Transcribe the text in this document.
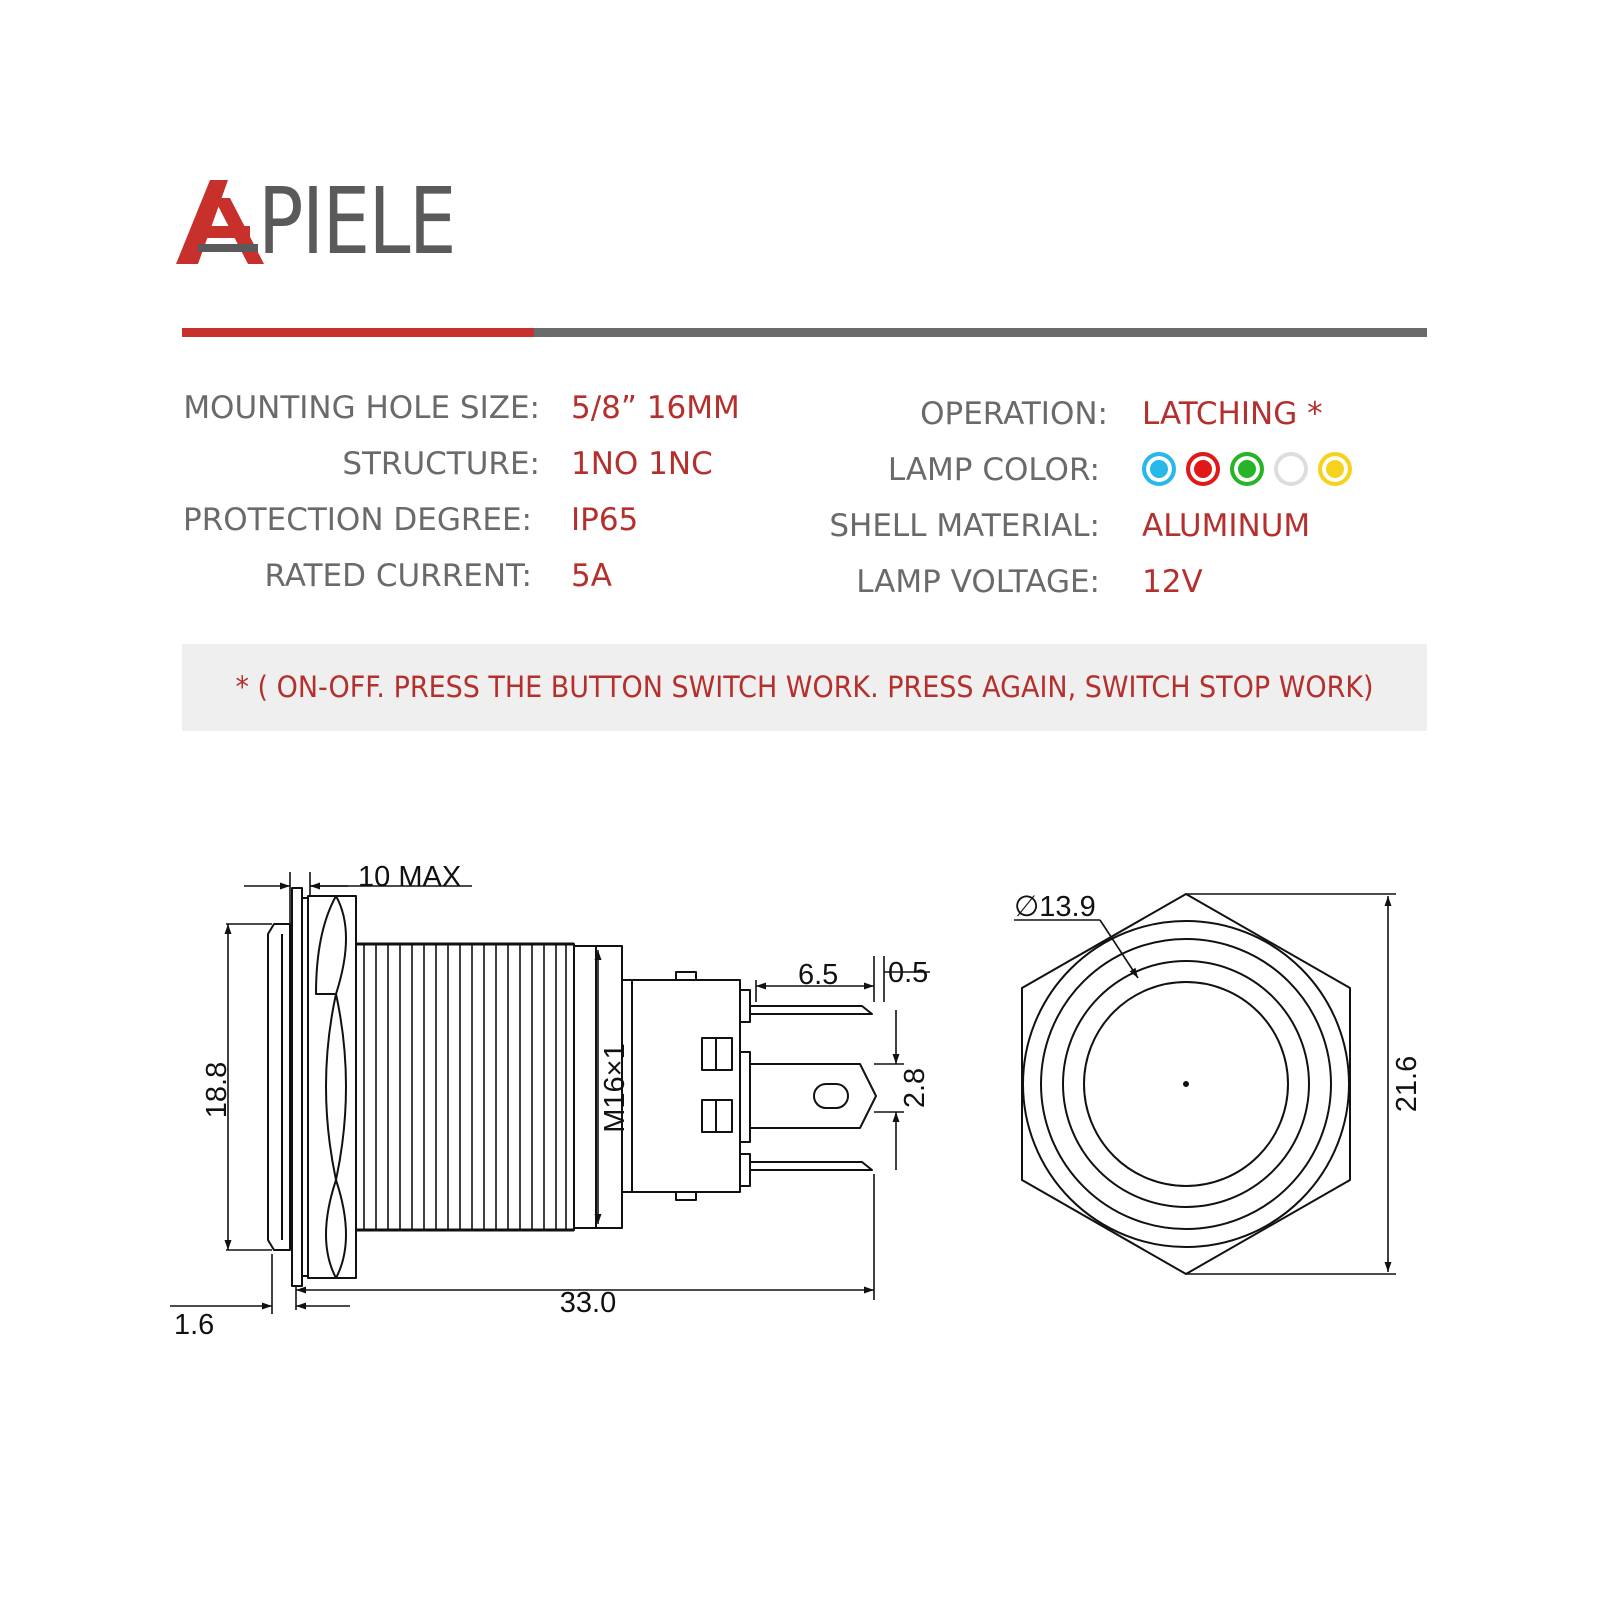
PIELE
MOUNTING HOLE SIZE: 5/8” 16MM
STRUCTURE: 1NO 1NC
PROTECTION DEGREE: IP65
RATED CURRENT: 5A
OPERATION: LATCHING *
LAMP COLOR:
SHELL MATERIAL: ALUMINUM
LAMP VOLTAGE: 12V
* ( ON-OFF. PRESS THE BUTTON SWITCH WORK. PRESS AGAIN, SWITCH STOP WORK)
10 MAX
18.8	M16×1
6.5 0.5
2.8
1.6
33.0
∅13.9
21.6
